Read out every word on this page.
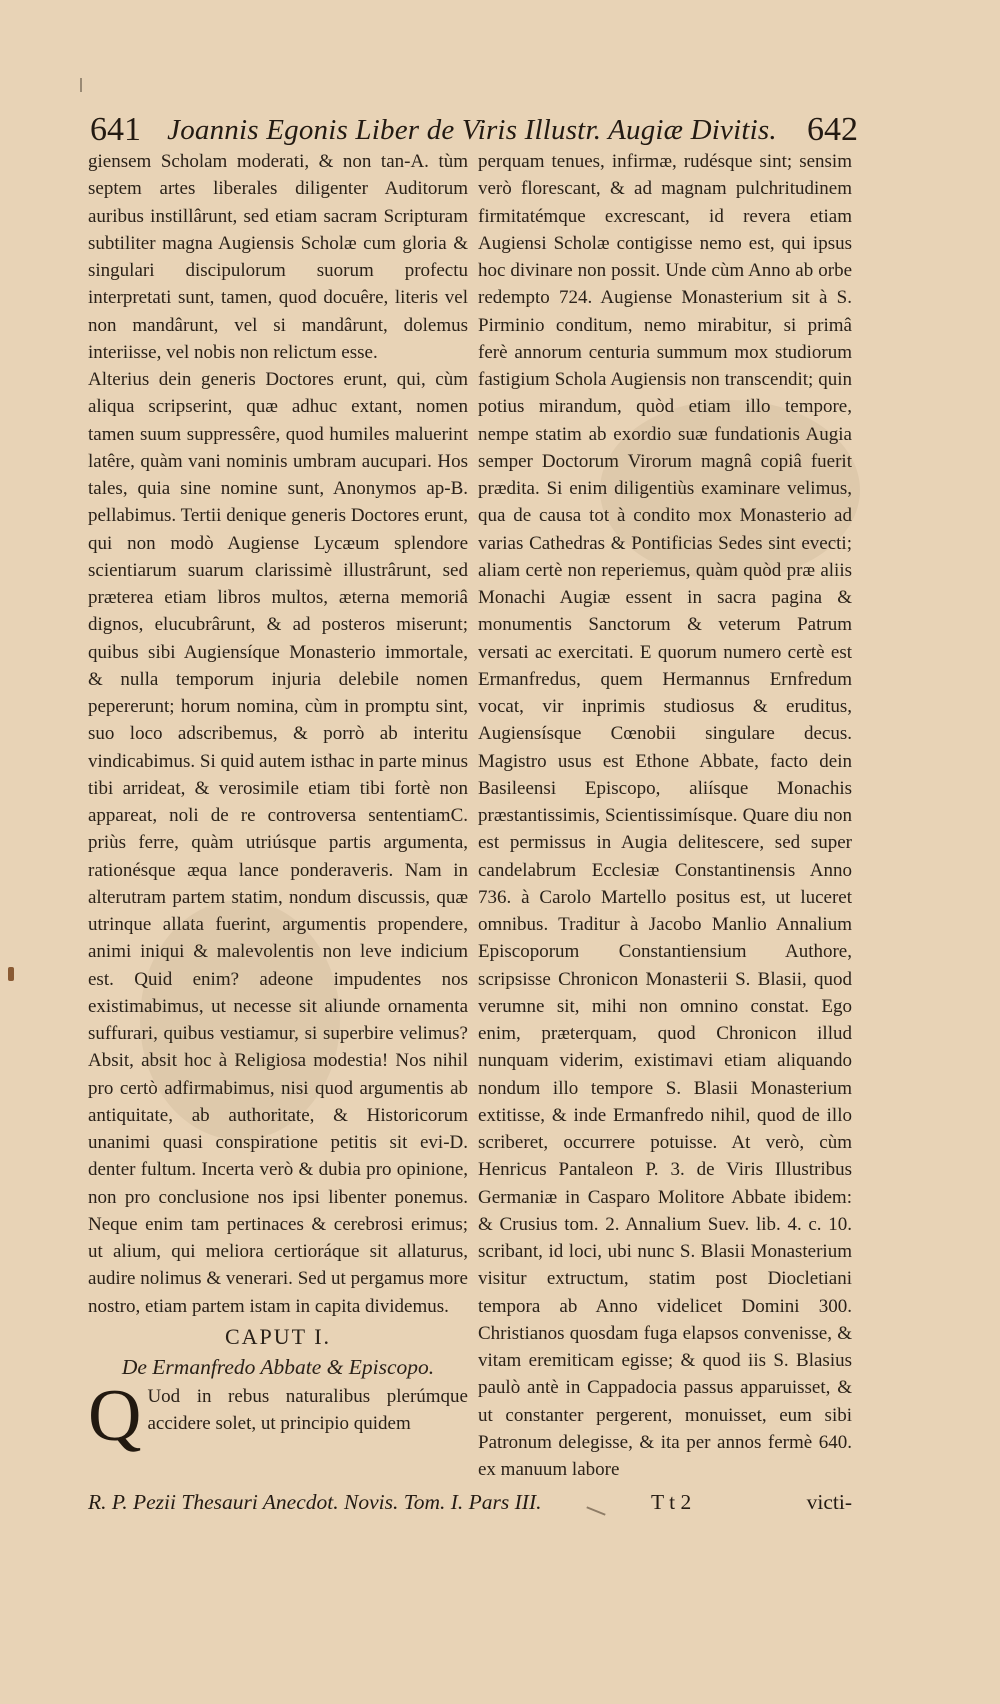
641 Joannis Egonis Liber de Viris Illustr. Augiæ Divitis. 642

giensem Scholam moderati, & non tan-A. tùm septem artes liberales diligenter Auditorum auribus instillârunt, sed etiam sacram Scripturam subtiliter magna Augiensis Scholæ cum gloria & singulari discipulorum suorum profectu interpretati sunt, tamen, quod docuêre, literis vel non mandârunt, vel si mandârunt, dolemus interiisse, vel nobis non relictum esse.

Alterius dein generis Doctores erunt, qui, cùm aliqua scripserint, quæ adhuc extant, nomen tamen suum suppressêre, quod humiles maluerint latêre, quàm vani nominis umbram aucupari. Hos tales, quia sine nomine sunt, Anonymos ap-B. pellabimus. Tertii denique generis Doctores erunt, qui non modò Augiense Lycæum splendore scientiarum suarum clarissimè illustrârunt, sed præterea etiam libros multos, æterna memoriâ dignos, elucubrârunt, & ad posteros miserunt; quibus sibi Augiensíque Monasterio immortale, & nulla temporum injuria delebile nomen pepererunt; horum nomina, cùm in promptu sint, suo loco adscribemus, & porrò ab interitu vindicabimus. Si quid autem isthac in parte minus tibi arrideat, & verosimile etiam tibi fortè non appareat, noli de re controversa sententiamC. priùs ferre, quàm utriúsque partis argumenta, rationésque æqua lance ponderaveris. Nam in alterutram partem statim, nondum discussis, quæ utrinque allata fuerint, argumentis propendere, animi iniqui & malevolentis non leve indicium est. Quid enim? adeone impudentes nos existimabimus, ut necesse sit aliunde ornamenta suffurari, quibus vestiamur, si superbire velimus? Absit, absit hoc à Religiosa modestia! Nos nihil pro certò adfirmabimus, nisi quod argumentis ab antiquitate, ab authoritate, & Historicorum unanimi quasi conspiratione petitis sit evi-D. denter fultum. Incerta verò & dubia pro opinione, non pro conclusione nos ipsi libenter ponemus. Neque enim tam pertinaces & cerebrosi erimus; ut alium, qui meliora certioráque sit allaturus, audire nolimus & venerari. Sed ut pergamus more nostro, etiam partem istam in capita dividemus.

CAPUT I.

De Ermanfredo Abbate & Episcopo.

Q Uod in rebus naturalibus plerúmque accidere solet, ut principio quidem

perquam tenues, infirmæ, rudésque sint; sensim verò florescant, & ad magnam pulchritudinem firmitatémque excrescant, id revera etiam Augiensi Scholæ contigisse nemo est, qui ipsus hoc divinare non possit. Unde cùm Anno ab orbe redempto 724. Augiense Monasterium sit à S. Pirminio conditum, nemo mirabitur, si primâ ferè annorum centuria summum mox studiorum fastigium Schola Augiensis non transcendit; quin potius mirandum, quòd etiam illo tempore, nempe statim ab exordio suæ fundationis Augia semper Doctorum Virorum magnâ copiâ fuerit prædita. Si enim diligentiùs examinare velimus, qua de causa tot à condito mox Monasterio ad varias Cathedras & Pontificias Sedes sint evecti; aliam certè non reperiemus, quàm quòd præ aliis Monachi Augiæ essent in sacra pagina & monumentis Sanctorum & veterum Patrum versati ac exercitati. E quorum numero certè est Ermanfredus, quem Hermannus Ernfredum vocat, vir inprimis studiosus & eruditus, Augiensísque Cœnobii singulare decus. Magistro usus est Ethone Abbate, facto dein Basileensi Episcopo, aliísque Monachis præstantissimis, Scientissimísque. Quare diu non est permissus in Augia delitescere, sed super candelabrum Ecclesiæ Constantinensis Anno 736. à Carolo Martello positus est, ut luceret omnibus. Traditur à Jacobo Manlio Annalium Episcoporum Constantiensium Authore, scripsisse Chronicon Monasterii S. Blasii, quod verumne sit, mihi non omnino constat. Ego enim, præterquam, quod Chronicon illud nunquam viderim, existimavi etiam aliquando nondum illo tempore S. Blasii Monasterium extitisse, & inde Ermanfredo nihil, quod de illo scriberet, occurrere potuisse. At verò, cùm Henricus Pantaleon P. 3. de Viris Illustribus Germaniæ in Casparo Molitore Abbate ibidem: & Crusius tom. 2. Annalium Suev. lib. 4. c. 10. scribant, id loci, ubi nunc S. Blasii Monasterium visitur extructum, statim post Diocletiani tempora ab Anno videlicet Domini 300. Christianos quosdam fuga elapsos convenisse, & vitam eremiticam egisse; & quod iis S. Blasius paulò antè in Cappadocia passus apparuisset, & ut constanter pergerent, monuisset, eum sibi Patronum delegisse, & ita per annos fermè 640. ex manuum labore

R. P. Pezii Thesauri Anecdot. Novis. Tom. I. Pars III.	T t 2	victi-
